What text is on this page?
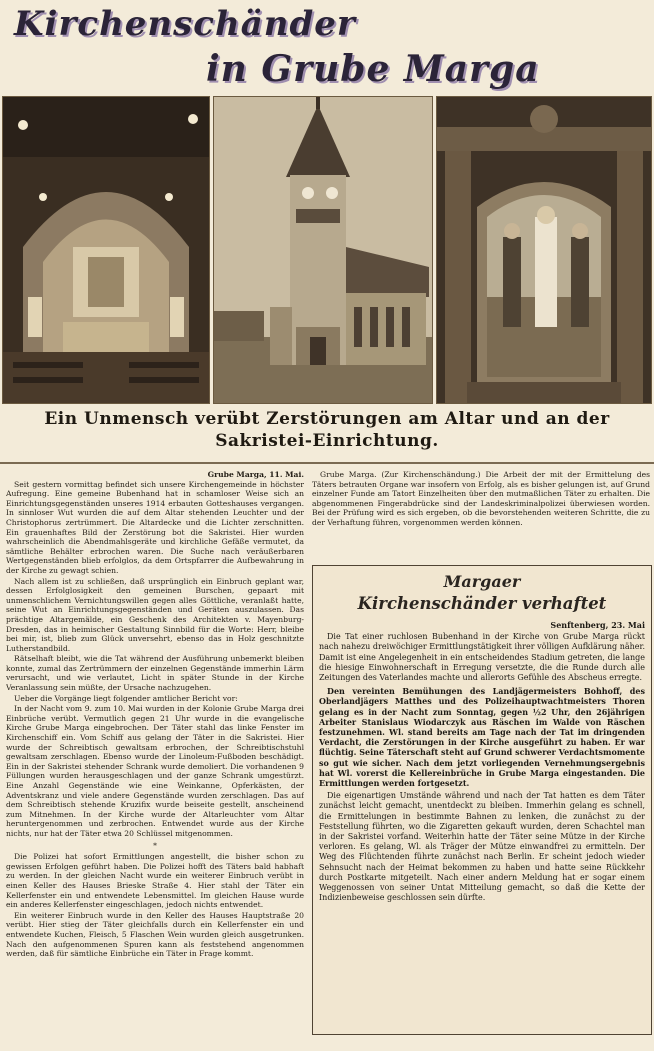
Kirchenschänder
in Grube Marga
Ein Unmensch verübt Zerstörungen am Altar und an der Sakristei-Einrichtung.
Grube Marga, 11. Mai.

Seit gestern vormittag befindet sich unsere Kirchengemeinde in höchster Aufregung. Eine gemeine Bubenhand hat in schamloser Weise sich an Einrichtungsgegenständen unseres 1914 erbauten Gotteshauses vergangen. In sinnloser Wut wurden die auf dem Altar stehenden Leuchter und der Christophorus zertrümmert. Die Altardecke und die Lichter zerschnitten. Ein grauenhaftes Bild der Zerstörung bot die Sakristei. Hier wurden wahrscheinlich die Abendmahlsgeräte und kirchliche Gefäße vermutet, da sämtliche Behälter erbrochen waren. Die Suche nach veräußerbaren Wertgegenständen blieb erfolglos, da dem Ortspfarrer die Aufbewahrung in der Kirche zu gewagt schien.

Nach allem ist zu schließen, daß ursprünglich ein Einbruch geplant war, dessen Erfolglosigkeit den gemeinen Burschen, gepaart mit unmenschlichem Vernichtungswillen gegen alles Göttliche, veranlaßt hatte, seine Wut an Einrichtungsgegenständen und Geräten auszulassen. Das prächtige Altargemälde, ein Geschenk des Architekten v. Mayenburg-Dresden, das in heimischer Gestaltung Sinnbild für die Worte: Herr, bleibe bei mir, ist, blieb zum Glück unversehrt, ebenso das in Holz geschnitzte Lutherstandbild.

Rätselhaft bleibt, wie die Tat während der Ausführung unbemerkt bleiben konnte, zumal das Zertrümmern der einzelnen Gegenstände immerhin Lärm verursacht, und wie verlautet, Licht in später Stunde in der Kirche Veranlassung sein müßte, der Ursache nachzugehen.

Ueber die Vorgänge liegt folgender amtlicher Bericht vor:

In der Nacht vom 9. zum 10. Mai wurden in der Kolonie Grube Marga drei Einbrüche verübt. Vermutlich gegen 21 Uhr wurde in die evangelische Kirche Grube Marga eingebrochen. Der Täter stahl das linke Fenster im Kirchenschiff ein. Vom Schiff aus gelang der Täter in die Sakristei. Hier wurde der Schreibtisch gewaltsam erbrochen, der Schreibtischstuhl gewaltsam zerschlagen. Ebenso wurde der Linoleum-Fußboden beschädigt. Ein in der Sakristei stehender Schrank wurde demoliert. Die vorhandenen 9 Füllungen wurden herausgeschlagen und der ganze Schrank umgestürzt. Eine Anzahl Gegenstände wie eine Weinkanne, Opferkästen, der Adventskranz und viele andere Gegenstände wurden zerschlagen. Das auf dem Schreibtisch stehende Kruzifix wurde beiseite gestellt, anscheinend zum Mitnehmen. In der Kirche wurde der Altarleuchter vom Altar heruntergenommen und zerbrochen. Entwendet wurde aus der Kirche nichts, nur hat der Täter etwa 20 Schlüssel mitgenommen.

*

Die Polizei hat sofort Ermittlungen angestellt, die bisher schon zu gewissen Erfolgen geführt haben. Die Polizei hofft des Täters bald habhaft zu werden. In der gleichen Nacht wurde ein weiterer Einbruch verübt in einen Keller des Hauses Brieske Straße 4. Hier stahl der Täter ein Kellerfenster ein und entwendete Lebensmittel. Im gleichen Hause wurde ein anderes Kellerfenster eingeschlagen, jedoch nichts entwendet.

Ein weiterer Einbruch wurde in den Keller des Hauses Hauptstraße 20 verübt. Hier stieg der Täter gleichfalls durch ein Kellerfenster ein und entwendete Kuchen, Fleisch, 5 Flaschen Wein wurden gleich ausgetrunken. Nach den aufgenommenen Spuren kann als feststehend angenommen werden, daß für sämtliche Einbrüche ein Täter in Frage kommt.

Grube Marga. (Zur Kirchenschändung.) Die Arbeit der mit der Ermittelung des Täters betrauten Organe war insofern von Erfolg, als es bisher gelungen ist, auf Grund einzelner Funde am Tatort Einzelheiten über den mutmaßlichen Täter zu erhalten. Die abgenommenen Fingerabdrücke sind der Landeskriminalpolizei überwiesen worden. Bei der Prüfung wird es sich ergeben, ob die bevorstehenden weiteren Schritte, die zu der Verhaftung führen, vorgenommen werden können.

Margaer
Kirchenschänder verhaftet
Senftenberg, 23. Mai

Die Tat einer ruchlosen Bubenhand in der Kirche von Grube Marga rückt nach nahezu dreiwöchiger Ermittlungstätigkeit ihrer völligen Aufklärung näher. Damit ist eine Angelegenheit in ein entscheidendes Stadium getreten, die lange die hiesige Einwohnerschaft in Erregung versetzte, die die Runde durch alle Zeitungen des Vaterlandes machte und allerorts Gefühle des Abscheus erregte.

Den vereinten Bemühungen des Landjägermeisters Bohhoff, des Oberlandjägers Matthes und des Polizeihauptwachtmeisters Thoren gelang es in der Nacht zum Sonntag, gegen ½2 Uhr, den 26jährigen Arbeiter Stanislaus Wiodarczyk aus Räschen im Walde von Räschen festzunehmen. Wl. stand bereits am Tage nach der Tat im dringenden Verdacht, die Zerstörungen in der Kirche ausgeführt zu haben. Er war flüchtig. Seine Täterschaft steht auf Grund schwerer Verdachtsmomente so gut wie sicher. Nach dem jetzt vorliegenden Vernehmungsergebnis hat Wl. vorerst die Kellereinbrüche in Grube Marga eingestanden. Die Ermittlungen werden fortgesetzt.

Die eigenartigen Umstände während und nach der Tat hatten es dem Täter zunächst leicht gemacht, unentdeckt zu bleiben. Immerhin gelang es schnell, die Ermittelungen in bestimmte Bahnen zu lenken, die zunächst zu der Feststellung führten, wo die Zigaretten gekauft wurden, deren Schachtel man in der Sakristei vorfand. Weiterhin hatte der Täter seine Mütze in der Kirche verloren. Es gelang, Wl. als Träger der Mütze einwandfrei zu ermitteln. Der Weg des Flüchtenden führte zunächst nach Berlin. Er scheint jedoch wieder Sehnsucht nach der Heimat bekommen zu haben und hatte seine Rückkehr durch Postkarte mitgeteilt. Nach einer andern Meldung hat er sogar einem Weggenossen von seiner Untat Mitteilung gemacht, so daß die Kette der Indizienbeweise geschlossen sein dürfte.
